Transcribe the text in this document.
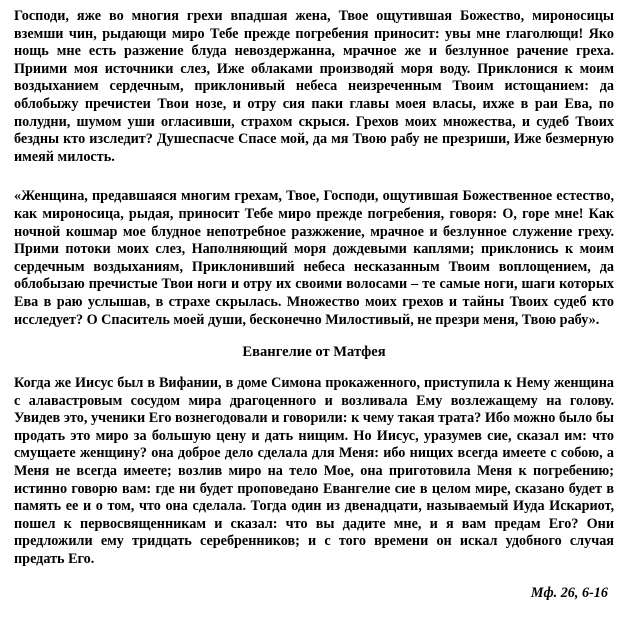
Господи, яже во многия грехи впадшая жена, Твое ощутившая Божество, мироносицы вземши чин, рыдающи миро Тебе прежде погребения приносит: увы мне глаголющи! Яко нощь мне есть разжение блуда невоздержанна, мрачное же и безлунное рачение греха. Приими моя источники слез, Иже облаками производяй моря воду. Приклонися к моим воздыханием сердечным, приклонивый небеса неизреченным Твоим истощанием: да облобыжу пречистеи Твои нозе, и отру сия паки главы моея власы, ихже в раи Ева, по полудни, шумом уши огласивши, страхом скрыся. Грехов моих множества, и судеб Твоих бездны кто изследит? Душеспасче Спасе мой, да мя Твою рабу не презриши, Иже безмерную имеяй милость.

«Женщина, предавшаяся многим грехам, Твое, Господи, ощутившая Божественное естество, как мироносица, рыдая, приносит Тебе миро прежде погребения, говоря: О, горе мне! Как ночной кошмар мое блудное непотребное разжжение, мрачное и безлунное служение греху. Прими потоки моих слез, Наполняющий моря дождевыми каплями; приклонись к моим сердечным воздыханиям, Приклонивший небеса несказанным Твоим воплощением, да облобызаю пречистые Твои ноги и отру их своими волосами – те самые ноги, шаги которых Ева в раю услышав, в страхе скрылась. Множество моих грехов и тайны Твоих судеб кто исследует? О Спаситель моей души, бесконечно Милостивый, не презри меня, Твою рабу».

Евангелие от Матфея

Когда же Иисус был в Вифании, в доме Симона прокаженного, приступила к Нему женщина с алавастровым сосудом мира драгоценного и возливала Ему возлежащему на голову. Увидев это, ученики Его вознегодовали и говорили: к чему такая трата? Ибо можно было бы продать это миро за большую цену и дать нищим. Но Иисус, уразумев сие, сказал им: что смущаете женщину? она доброе дело сделала для Меня: ибо нищих всегда имеете с собою, а Меня не всегда имеете; возлив миро на тело Мое, она приготовила Меня к погребению; истинно говорю вам: где ни будет проповедано Евангелие сие в целом мире, сказано будет в память ее и о том, что она сделала. Тогда один из двенадцати, называемый Иуда Искариот, пошел к первосвященникам и сказал: что вы дадите мне, и я вам предам Его? Они предложили ему тридцать серебренников; и с того времени он искал удобного случая предать Его.

Мф. 26, 6-16
